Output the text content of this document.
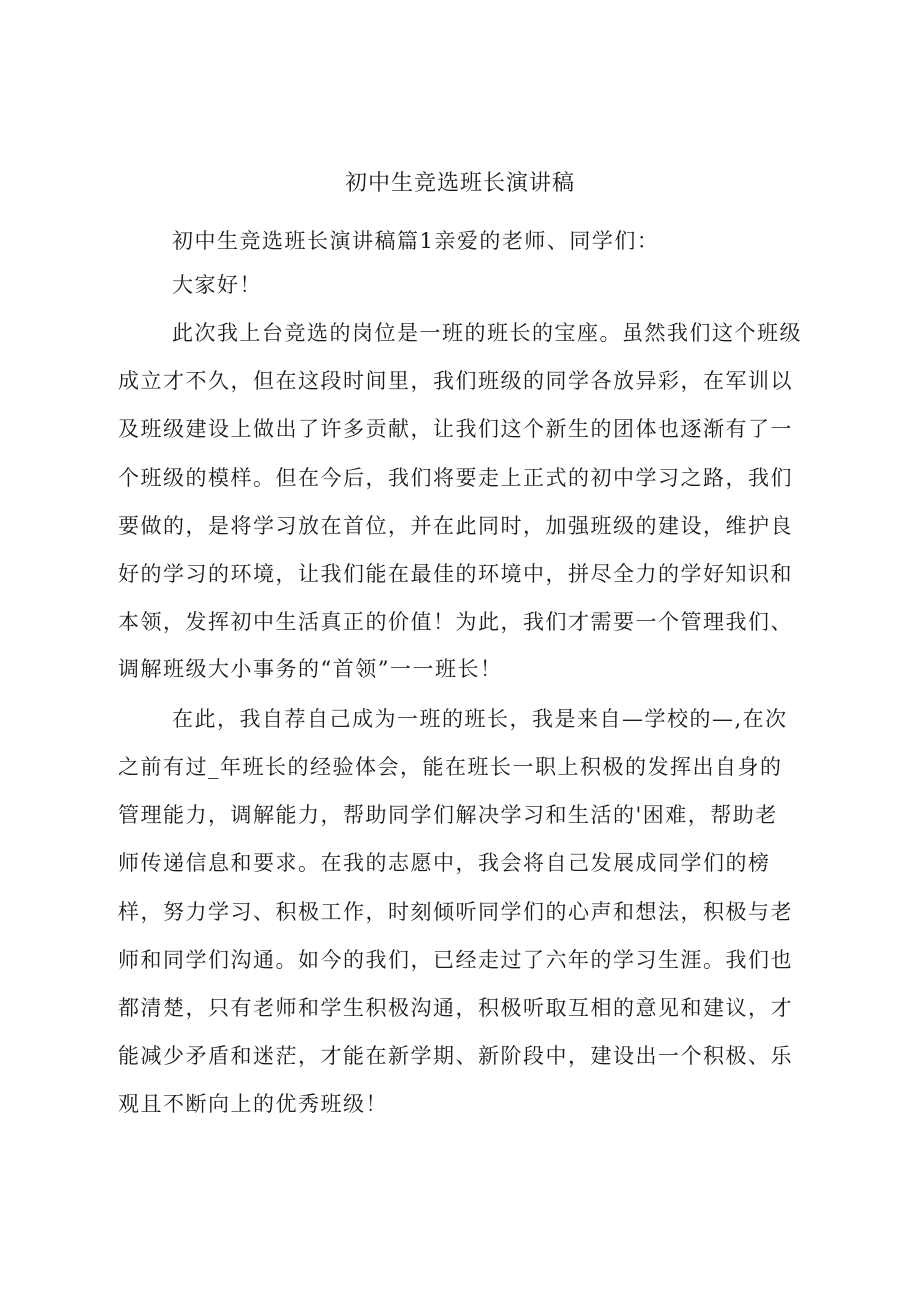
初中生竞选班长演讲稿
初中生竞选班长演讲稿篇1亲爱的老师、同学们：
大家好！
此次我上台竞选的岗位是一班的班长的宝座。虽然我们这个班级
成立才不久，但在这段时间里，我们班级的同学各放异彩，在军训以
及班级建设上做出了许多贡献，让我们这个新生的团体也逐渐有了一
个班级的模样。但在今后，我们将要走上正式的初中学习之路，我们
要做的，是将学习放在首位，并在此同时，加强班级的建设，维护良
好的学习的环境，让我们能在最佳的环境中，拼尽全力的学好知识和
本领，发挥初中生活真正的价值！为此，我们才需要一个管理我们、
调解班级大小事务的“首领”一一班长！
在此，我自荐自己成为一班的班长，我是来自—学校的—,在次
之前有过_年班长的经验体会，能在班长一职上积极的发挥出自身的
管理能力，调解能力，帮助同学们解决学习和生活的'困难，帮助老
师传递信息和要求。在我的志愿中，我会将自己发展成同学们的榜
样，努力学习、积极工作，时刻倾听同学们的心声和想法，积极与老
师和同学们沟通。如今的我们，已经走过了六年的学习生涯。我们也
都清楚，只有老师和学生积极沟通，积极听取互相的意见和建议，才
能减少矛盾和迷茫，才能在新学期、新阶段中，建设出一个积极、乐
观且不断向上的优秀班级！
